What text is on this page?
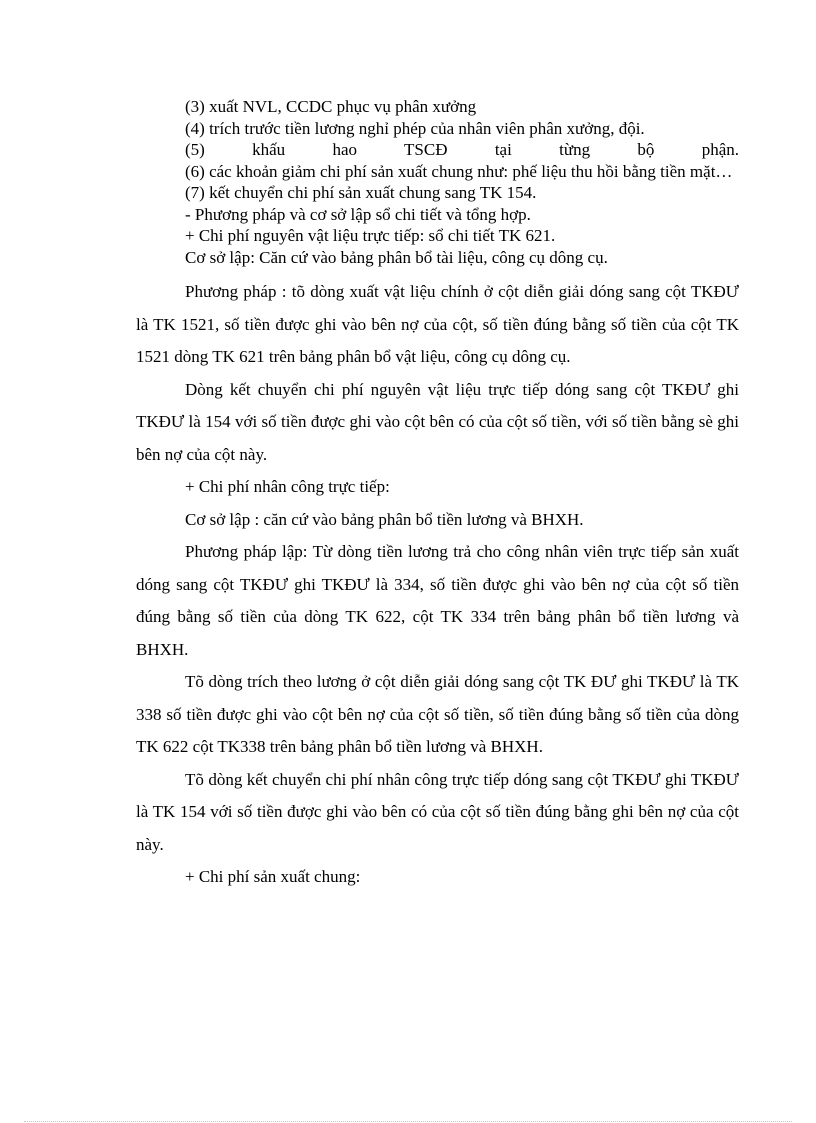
(3) xuất NVL, CCDC phục vụ phân xưởng
(4) trích trước tiền lương nghỉ phép của nhân viên phân xưởng, đội.
(5) khấu hao TSCĐ tại từng bộ phận.
(6) các khoản giảm chi phí sản xuất chung như: phế liệu thu hồi bằng tiền mặt…
(7) kết chuyển chi phí sản xuất chung sang TK 154.
- Phương pháp và cơ sở lập sổ chi tiết và tổng hợp.
+ Chi phí nguyên vật liệu trực tiếp: sổ chi tiết TK 621.
Cơ sở lập: Căn cứ vào bảng phân bổ tài liệu, công cụ dông cụ.

Phương pháp : tõ dòng xuất vật liệu chính ở cột diễn giải dóng sang cột TKĐƯ là TK 1521, số tiền được ghi vào bên nợ của cột, số tiền đúng bằng số tiền của cột TK 1521 dòng TK 621 trên bảng phân bổ vật liệu, công cụ dông cụ.

Dòng kết chuyển chi phí nguyên vật liệu trực tiếp dóng sang cột TKĐƯ ghi TKĐƯ là 154 với số tiền được ghi vào cột bên có của cột số tiền, với số tiền bằng sè ghi bên nợ của cột này.

+ Chi phí nhân công trực tiếp:

Cơ sở lập : căn cứ vào bảng phân bổ tiền lương và BHXH.

Phương pháp lập: Từ dòng tiền lương trả cho công nhân viên trực tiếp sản xuất dóng sang cột TKĐƯ ghi TKĐƯ là 334, số tiền được ghi vào bên nợ của cột số tiền đúng bằng số tiền của dòng TK 622, cột TK 334 trên bảng phân bổ tiền lương và BHXH.

Tõ dòng trích theo lương ở cột diễn giải dóng sang cột TK ĐƯ ghi TKĐƯ là TK 338 số tiền được ghi vào cột bên nợ của cột số tiền, số tiền đúng bằng số tiền của dòng TK 622 cột TK338 trên bảng phân bổ tiền lương và BHXH.

Tõ dòng kết chuyển chi phí nhân công trực tiếp dóng sang cột TKĐƯ ghi TKĐƯ là TK 154 với số tiền được ghi vào bên có của cột số tiền đúng bằng ghi bên nợ của cột này.

+ Chi phí sản xuất chung:
